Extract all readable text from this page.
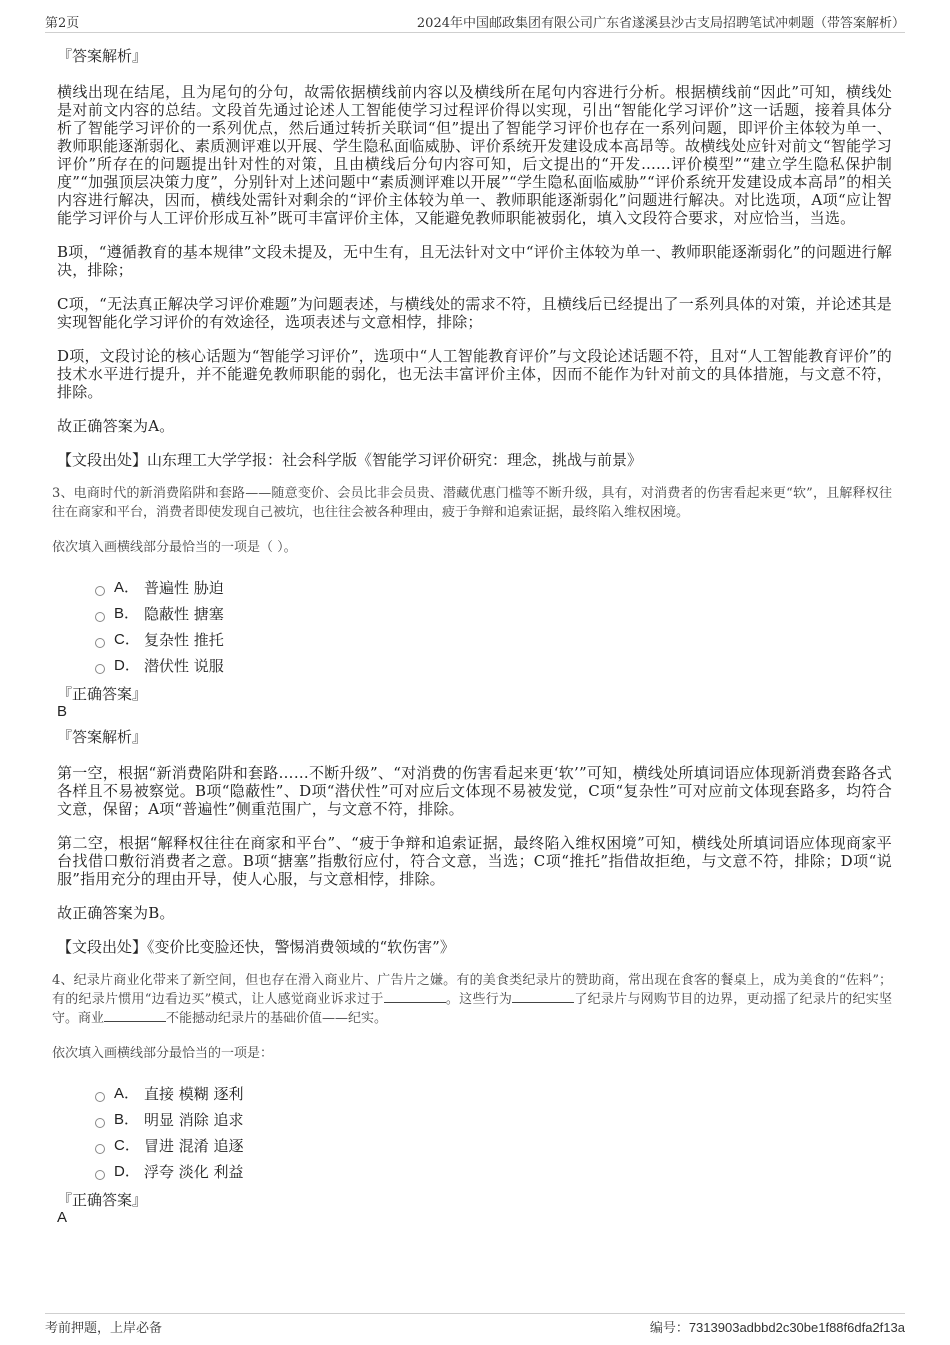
第2页	2024年中国邮政集团有限公司广东省遂溪县沙古支局招聘笔试冲刺题（带答案解析）
『答案解析』

横线出现在结尾，且为尾句的分句，故需依据横线前内容以及横线所在尾句内容进行分析。根据横线前“因此”可知，横线处是对前文内容的总结。文段首先通过论述人工智能使学习过程评价得以实现，引出“智能化学习评价”这一话题，接着具体分析了智能学习评价的一系列优点，然后通过转折关联词“但”提出了智能学习评价也存在一系列问题，即评价主体较为单一、教师职能逐渐弱化、素质测评难以开展、学生隐私面临威胁、评价系统开发建设成本高昂等。故横线处应针对前文“智能学习评价”所存在的问题提出针对性的对策，且由横线后分句内容可知，后文提出的“开发......评价模型”“建立学生隐私保护制度”“加强顶层决策力度”，分别针对上述问题中“素质测评难以开展”“学生隐私面临威胁”“评价系统开发建设成本高昂”的相关内容进行解决，因而，横线处需针对剩余的“评价主体较为单一、教师职能逐渐弱化”问题进行解决。对比选项，A项“应让智能学习评价与人工评价形成互补”既可丰富评价主体，又能避免教师职能被弱化，填入文段符合要求，对应恰当，当选。

B项，“遵循教育的基本规律”文段未提及，无中生有，且无法针对文中“评价主体较为单一、教师职能逐渐弱化”的问题进行解决，排除；

C项，“无法真正解决学习评价难题”为问题表述，与横线处的需求不符，且横线后已经提出了一系列具体的对策，并论述其是实现智能化学习评价的有效途径，选项表述与文意相悖，排除；

D项，文段讨论的核心话题为“智能学习评价”，选项中“人工智能教育评价”与文段论述话题不符，且对“人工智能教育评价”的技术水平进行提升，并不能避免教师职能的弱化，也无法丰富评价主体，因而不能作为针对前文的具体措施，与文意不符，排除。

故正确答案为A。

【文段出处】山东理工大学学报：社会科学版《智能学习评价研究：理念，挑战与前景》

3、电商时代的新消费陷阱和套路——随意变价、会员比非会员贵、潜藏优惠门槛等不断升级，具有，对消费者的伤害看起来更“软”，且解释权往往在商家和平台，消费者即使发现自己被坑，也往往会被各种理由，疲于争辩和追索证据，最终陷入维权困境。

依次填入画横线部分最恰当的一项是（ ）。

A． 普遍性 胁迫
B． 隐蔽性 搪塞
C． 复杂性 推托
D． 潜伏性 说服
『正确答案』
B
『答案解析』

第一空，根据“新消费陷阱和套路……不断升级”、“对消费的伤害看起来更‘软’”可知，横线处所填词语应体现新消费套路各式各样且不易被察觉。B项“隐蔽性”、D项“潜伏性”可对应后文体现不易被发觉，C项“复杂性”可对应前文体现套路多，均符合文意，保留；A项“普遍性”侧重范围广，与文意不符，排除。

第二空，根据“解释权往往在商家和平台”、“疲于争辩和追索证据，最终陷入维权困境”可知，横线处所填词语应体现商家平台找借口敷衍消费者之意。B项“搪塞”指敷衍应付，符合文意，当选；C项“推托”指借故拒绝，与文意不符，排除；D项“说服”指用充分的理由开导，使人心服，与文意相悖，排除。

故正确答案为B。

【文段出处】《变价比变脸还快，警惕消费领域的“软伤害”》

4、纪录片商业化带来了新空间，但也存在滑入商业片、广告片之嫌。有的美食类纪录片的赞助商，常出现在食客的餐桌上，成为美食的“佐料”；有的纪录片惯用“边看边买”模式，让人感觉商业诉求过于	。这些行为	了纪录片与网购节目的边界，更动摇了纪录片的纪实坚守。商业	不能撼动纪录片的基础价值——纪实。

依次填入画横线部分最恰当的一项是：

A． 直接 模糊 逐利
B． 明显 消除 追求
C． 冒进 混淆 追逐
D． 浮夸 淡化 利益
『正确答案』
A
考前押题，上岸必备	编号：7313903adbbd2c30be1f88f6dfa2f13a
